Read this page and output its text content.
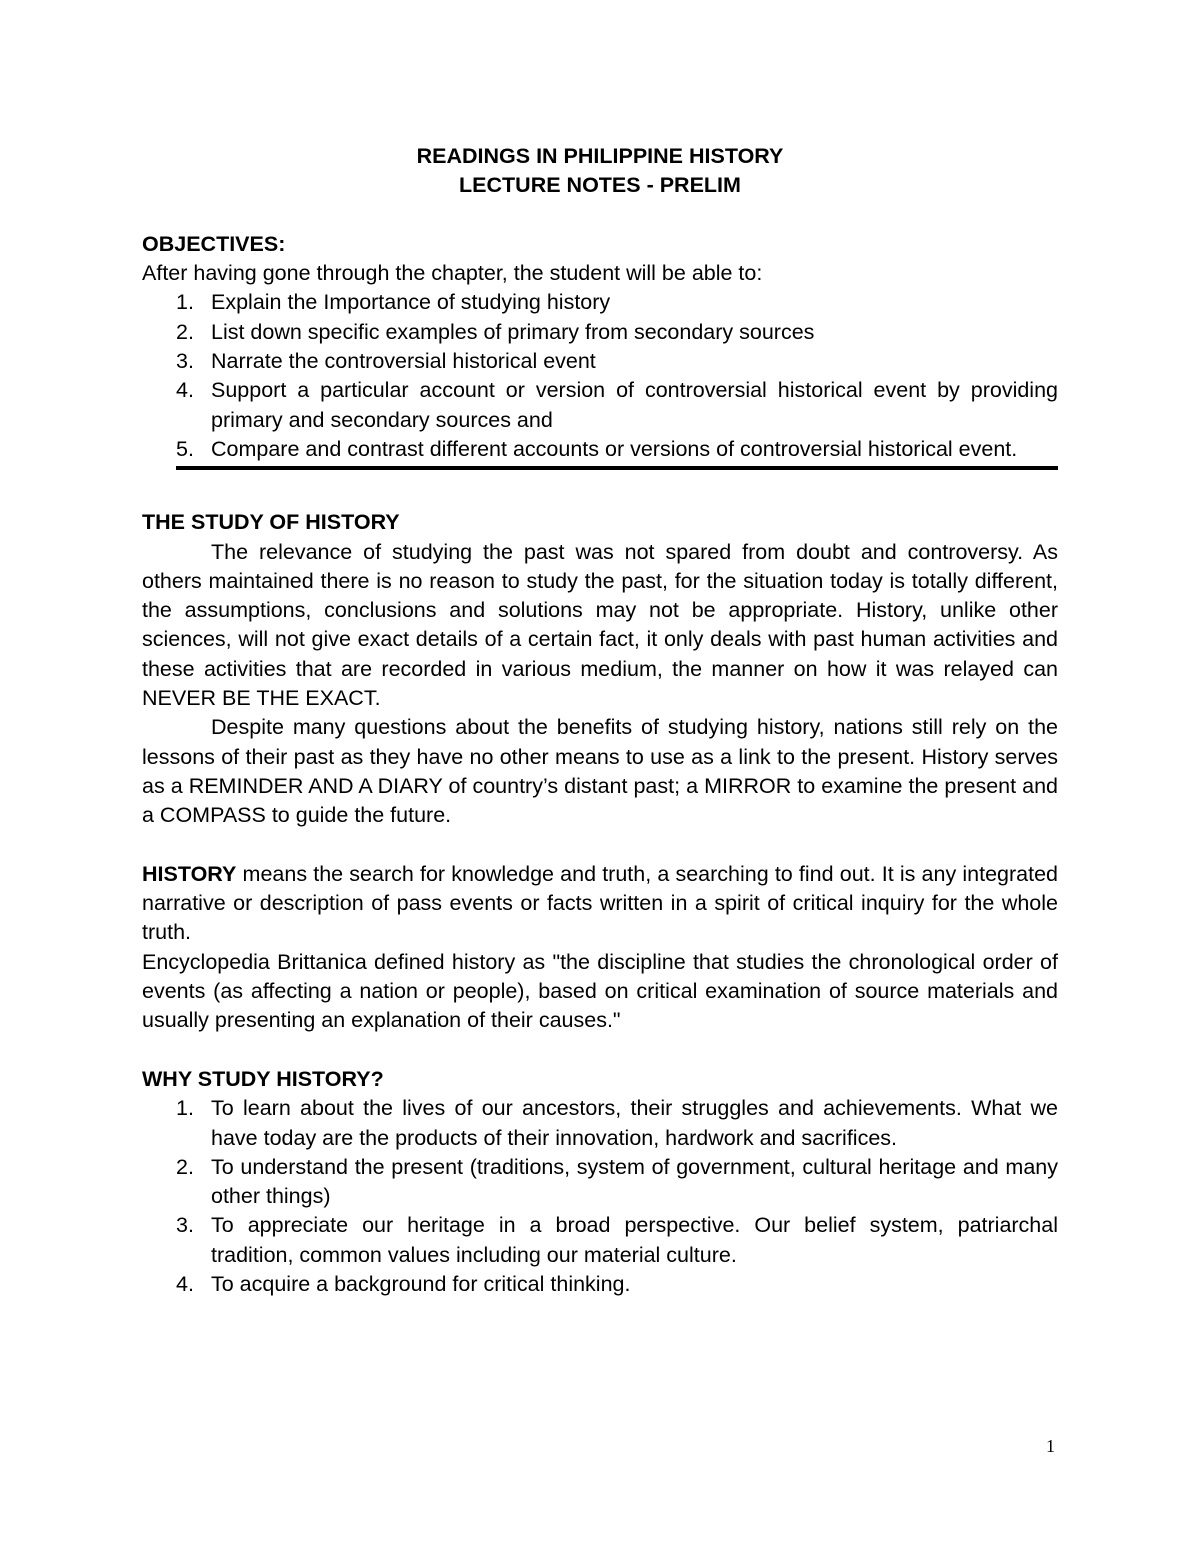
READINGS IN PHILIPPINE HISTORY

LECTURE NOTES - PRELIM

OBJECTIVES:

After having gone through the chapter, the student will be able to:

1. Explain the Importance of studying history
2. List down specific examples of primary from secondary sources
3. Narrate the controversial historical event
4. Support a particular account or version of controversial historical event by providing primary and secondary sources and
5. Compare and contrast different accounts or versions of controversial historical event.

THE STUDY OF HISTORY

The relevance of studying the past was not spared from doubt and controversy. As others maintained there is no reason to study the past, for the situation today is totally different, the assumptions, conclusions and solutions may not be appropriate. History, unlike other sciences, will not give exact details of a certain fact, it only deals with past human activities and these activities that are recorded in various medium, the manner on how it was relayed can NEVER BE THE EXACT.

Despite many questions about the benefits of studying history, nations still rely on the lessons of their past as they have no other means to use as a link to the present. History serves as a REMINDER AND A DIARY of country’s distant past; a MIRROR to examine the present and a COMPASS to guide the future.

HISTORY means the search for knowledge and truth, a searching to find out. It is any integrated narrative or description of pass events or facts written in a spirit of critical inquiry for the whole truth.

Encyclopedia Brittanica defined history as "the discipline that studies the chronological order of events (as affecting a nation or people), based on critical examination of source materials and usually presenting an explanation of their causes."

WHY STUDY HISTORY?

1. To learn about the lives of our ancestors, their struggles and achievements. What we have today are the products of their innovation, hardwork and sacrifices.
2. To understand the present (traditions, system of government, cultural heritage and many other things)
3. To appreciate our heritage in a broad perspective. Our belief system, patriarchal tradition, common values including our material culture.
4. To acquire a background for critical thinking.
1
